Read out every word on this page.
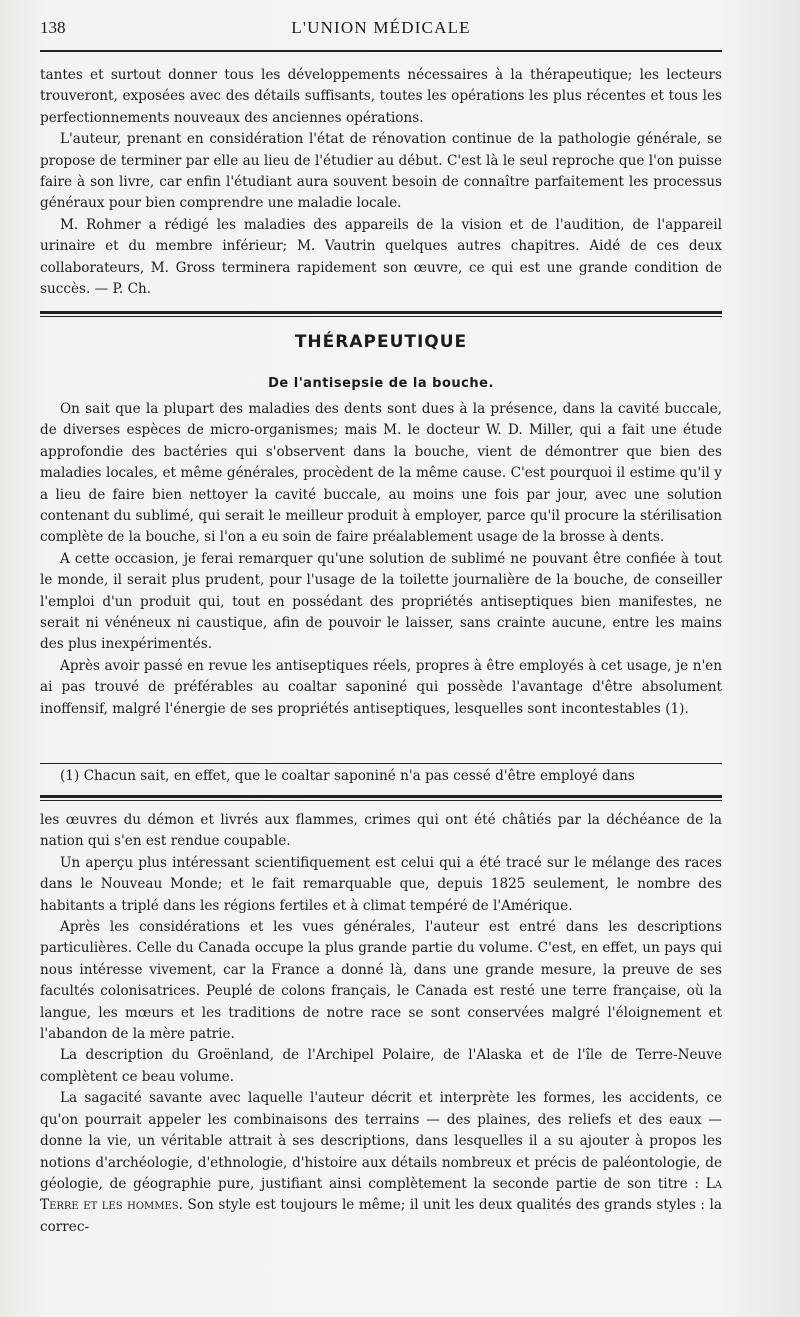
138	L'UNION MÉDICALE

tantes et surtout donner tous les développements nécessaires à la thérapeutique; les lecteurs trouveront, exposées avec des détails suffisants, toutes les opérations les plus récentes et tous les perfectionnements nouveaux des anciennes opérations.

L'auteur, prenant en considération l'état de rénovation continue de la pathologie générale, se propose de terminer par elle au lieu de l'étudier au début. C'est là le seul reproche que l'on puisse faire à son livre, car enfin l'étudiant aura souvent besoin de connaître parfaitement les processus généraux pour bien comprendre une maladie locale.

M. Rohmer a rédigé les maladies des appareils de la vision et de l'audition, de l'appareil urinaire et du membre inférieur; M. Vautrin quelques autres chapitres. Aidé de ces deux collaborateurs, M. Gross terminera rapidement son œuvre, ce qui est une grande condition de succès. — P. Ch.

THÉRAPEUTIQUE
De l'antisepsie de la bouche.

On sait que la plupart des maladies des dents sont dues à la présence, dans la cavité buccale, de diverses espèces de micro-organismes; mais M. le docteur W. D. Miller, qui a fait une étude approfondie des bactéries qui s'observent dans la bouche, vient de démontrer que bien des maladies locales, et même générales, procèdent de la même cause. C'est pourquoi il estime qu'il y a lieu de faire bien nettoyer la cavité buccale, au moins une fois par jour, avec une solution contenant du sublimé, qui serait le meilleur produit à employer, parce qu'il procure la stérilisation complète de la bouche, si l'on a eu soin de faire préalablement usage de la brosse à dents.

A cette occasion, je ferai remarquer qu'une solution de sublimé ne pouvant être confiée à tout le monde, il serait plus prudent, pour l'usage de la toilette journalière de la bouche, de conseiller l'emploi d'un produit qui, tout en possédant des propriétés antiseptiques bien manifestes, ne serait ni vénéneux ni caustique, afin de pouvoir le laisser, sans crainte aucune, entre les mains des plus inexpérimentés.

Après avoir passé en revue les antiseptiques réels, propres à être employés à cet usage, je n'en ai pas trouvé de préférables au coaltar saponiné qui possède l'avantage d'être absolument inoffensif, malgré l'énergie de ses propriétés antiseptiques, lesquelles sont incontestables (1).

(1) Chacun sait, en effet, que le coaltar saponiné n'a pas cessé d'être employé dans

les œuvres du démon et livrés aux flammes, crimes qui ont été châtiés par la déchéance de la nation qui s'en est rendue coupable.

Un aperçu plus intéressant scientifiquement est celui qui a été tracé sur le mélange des races dans le Nouveau Monde; et le fait remarquable que, depuis 1825 seulement, le nombre des habitants a triplé dans les régions fertiles et à climat tempéré de l'Amérique.

Après les considérations et les vues générales, l'auteur est entré dans les descriptions particulières. Celle du Canada occupe la plus grande partie du volume. C'est, en effet, un pays qui nous intéresse vivement, car la France a donné là, dans une grande mesure, la preuve de ses facultés colonisatrices. Peuplé de colons français, le Canada est resté une terre française, où la langue, les mœurs et les traditions de notre race se sont conservées malgré l'éloignement et l'abandon de la mère patrie.

La description du Groënland, de l'Archipel Polaire, de l'Alaska et de l'île de Terre-Neuve complètent ce beau volume.

La sagacité savante avec laquelle l'auteur décrit et interprète les formes, les accidents, ce qu'on pourrait appeler les combinaisons des terrains — des plaines, des reliefs et des eaux — donne la vie, un véritable attrait à ses descriptions, dans lesquelles il a su ajouter à propos les notions d'archéologie, d'ethnologie, d'histoire aux détails nombreux et précis de paléontologie, de géologie, de géographie pure, justifiant ainsi complètement la seconde partie de son titre : La Terre et les hommes. Son style est toujours le même; il unit les deux qualités des grands styles : la correc-
